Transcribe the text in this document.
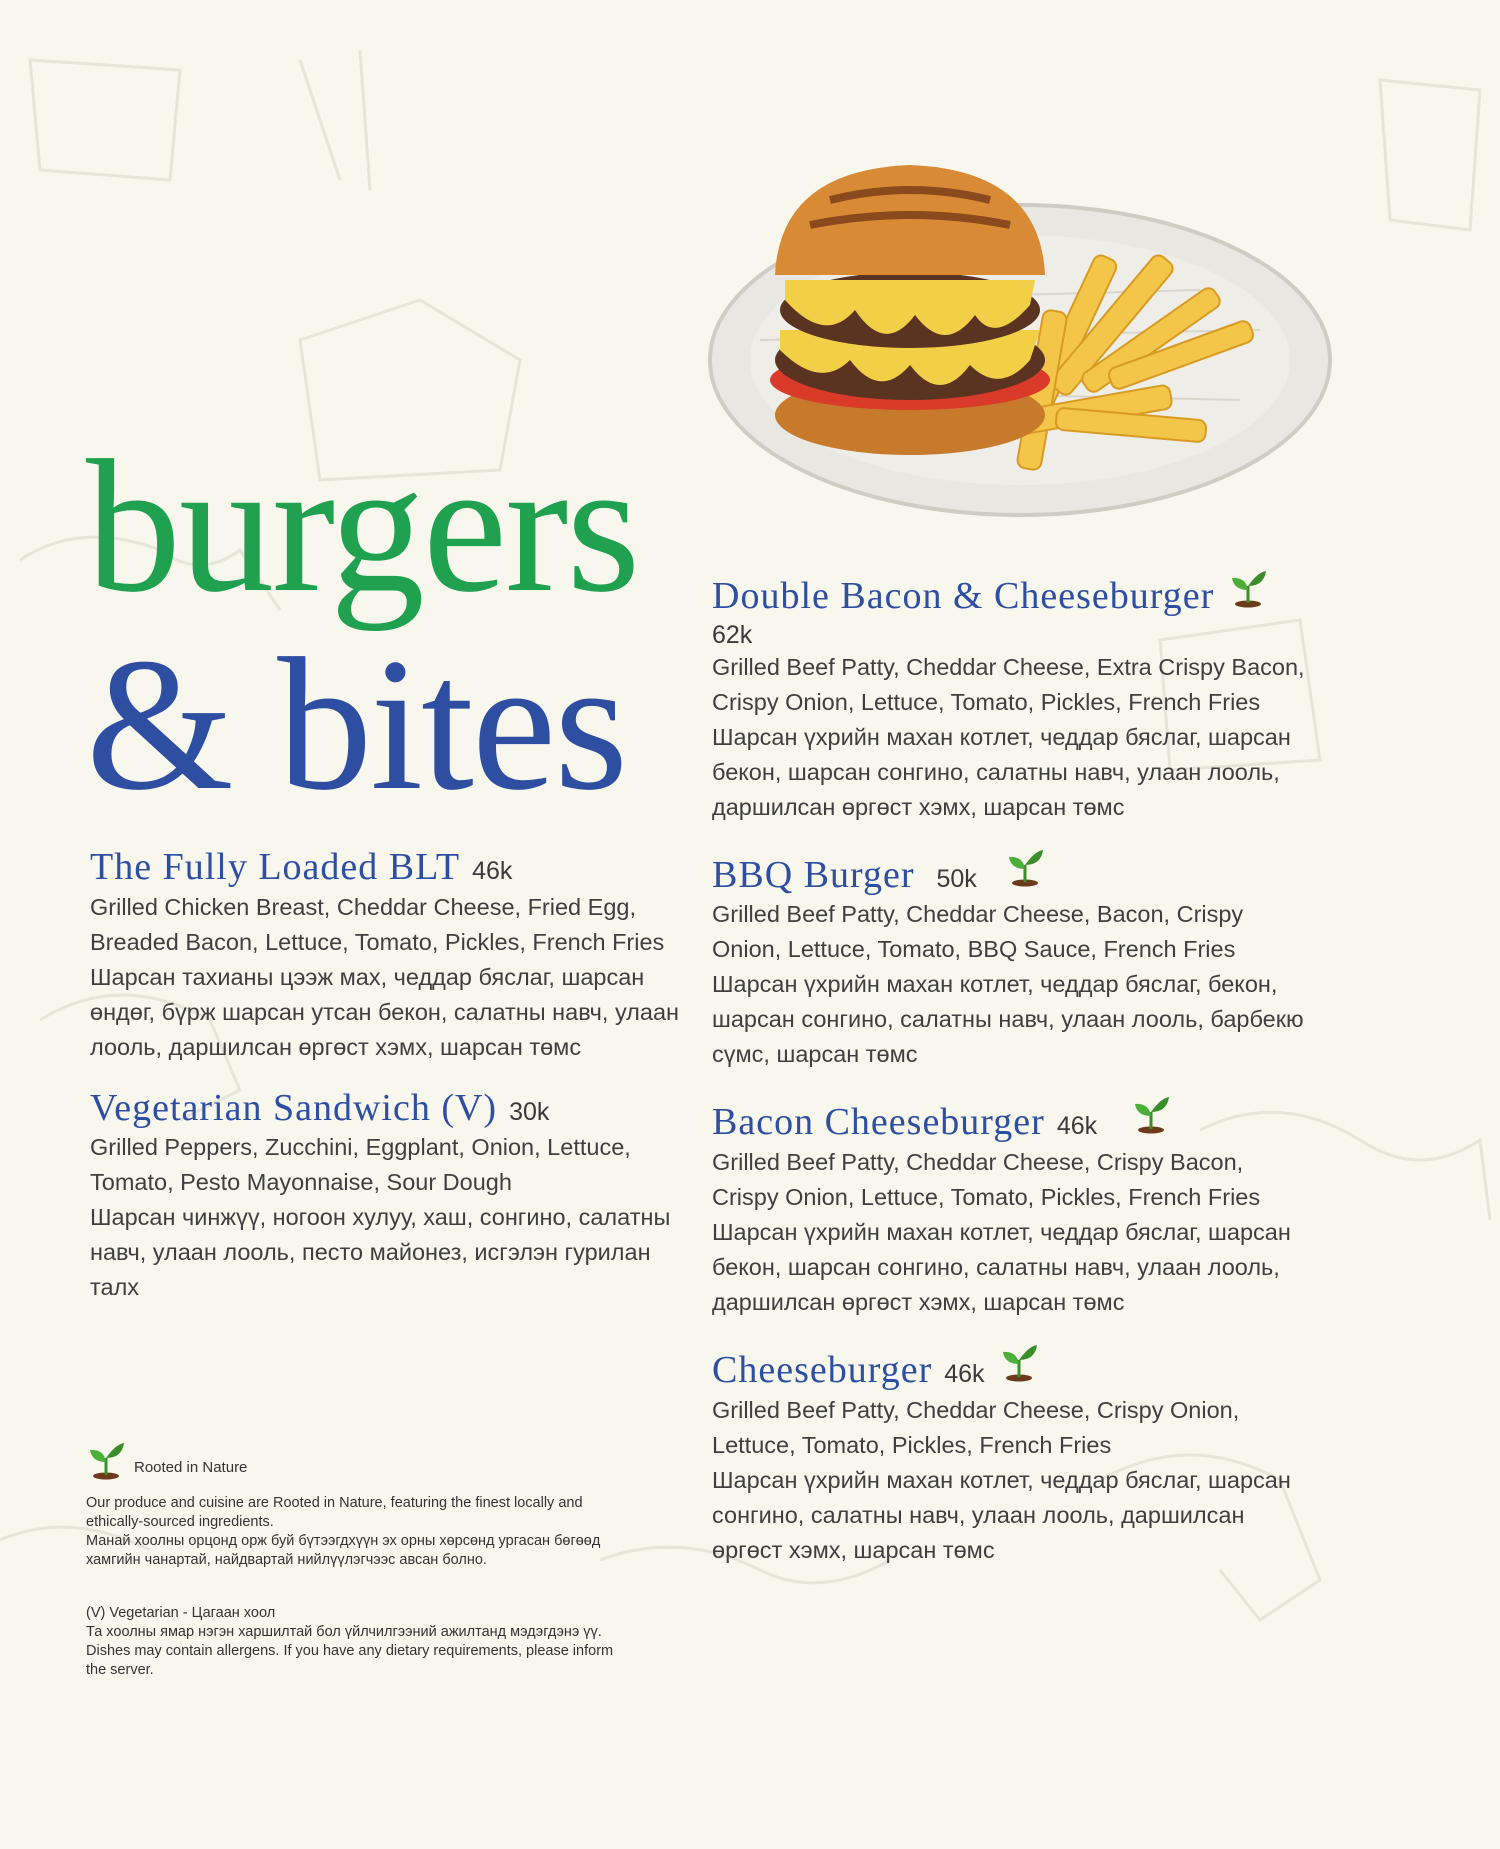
burgers
& bites
The Fully Loaded BLT 46k
Grilled Chicken Breast, Cheddar Cheese, Fried Egg, Breaded Bacon, Lettuce, Tomato, Pickles, French Fries
Шарсан тахианы цээж мах, чеддар бяслаг, шарсан өндөг, бүрж шарсан утсан бекон, салатны навч, улаан лооль, даршилсан өргөст хэмх, шарсан төмс
Vegetarian Sandwich (V) 30k
Grilled Peppers, Zucchini, Eggplant, Onion, Lettuce, Tomato, Pesto Mayonnaise, Sour Dough
Шарсан чинжүү, ногоон хулуу, хаш, сонгино, салатны навч, улаан лооль, песто майонез, исгэлэн гурилан талх
Double Bacon & Cheeseburger
62k
Grilled Beef Patty, Cheddar Cheese, Extra Crispy Bacon, Crispy Onion, Lettuce, Tomato, Pickles, French Fries
Шарсан үхрийн махан котлет, чеддар бяслаг, шарсан бекон, шарсан сонгино, салатны навч, улаан лооль, даршилсан өргөст хэмх, шарсан төмс
BBQ Burger 50k
Grilled Beef Patty, Cheddar Cheese, Bacon, Crispy Onion, Lettuce, Tomato, BBQ Sauce, French Fries
Шарсан үхрийн махан котлет, чеддар бяслаг, бекон, шарсан сонгино, салатны навч, улаан лооль, барбекю сүмс, шарсан төмс
Bacon Cheeseburger 46k
Grilled Beef Patty, Cheddar Cheese, Crispy Bacon, Crispy Onion, Lettuce, Tomato, Pickles, French Fries
Шарсан үхрийн махан котлет, чеддар бяслаг, шарсан бекон, шарсан сонгино, салатны навч, улаан лооль, даршилсан өргөст хэмх, шарсан төмс
Cheeseburger 46k
Grilled Beef Patty, Cheddar Cheese, Crispy Onion, Lettuce, Tomato, Pickles, French Fries
Шарсан үхрийн махан котлет, чеддар бяслаг, шарсан сонгино, салатны навч, улаан лооль, даршилсан өргөст хэмх, шарсан төмс
Rooted in Nature
Our produce and cuisine are Rooted in Nature, featuring the finest locally and ethically-sourced ingredients.
Манай хоолны орцонд орж буй бүтээгдхүүн эх орны хөрсөнд ургасан бөгөөд хамгийн чанартай, найдвартай нийлүүлэгчээс авсан болно.
(V) Vegetarian - Цагаан хоол
Та хоолны ямар нэгэн харшилтай бол үйлчилгээний ажилтанд мэдэгдэнэ үү.
Dishes may contain allergens. If you have any dietary requirements, please inform the server.
